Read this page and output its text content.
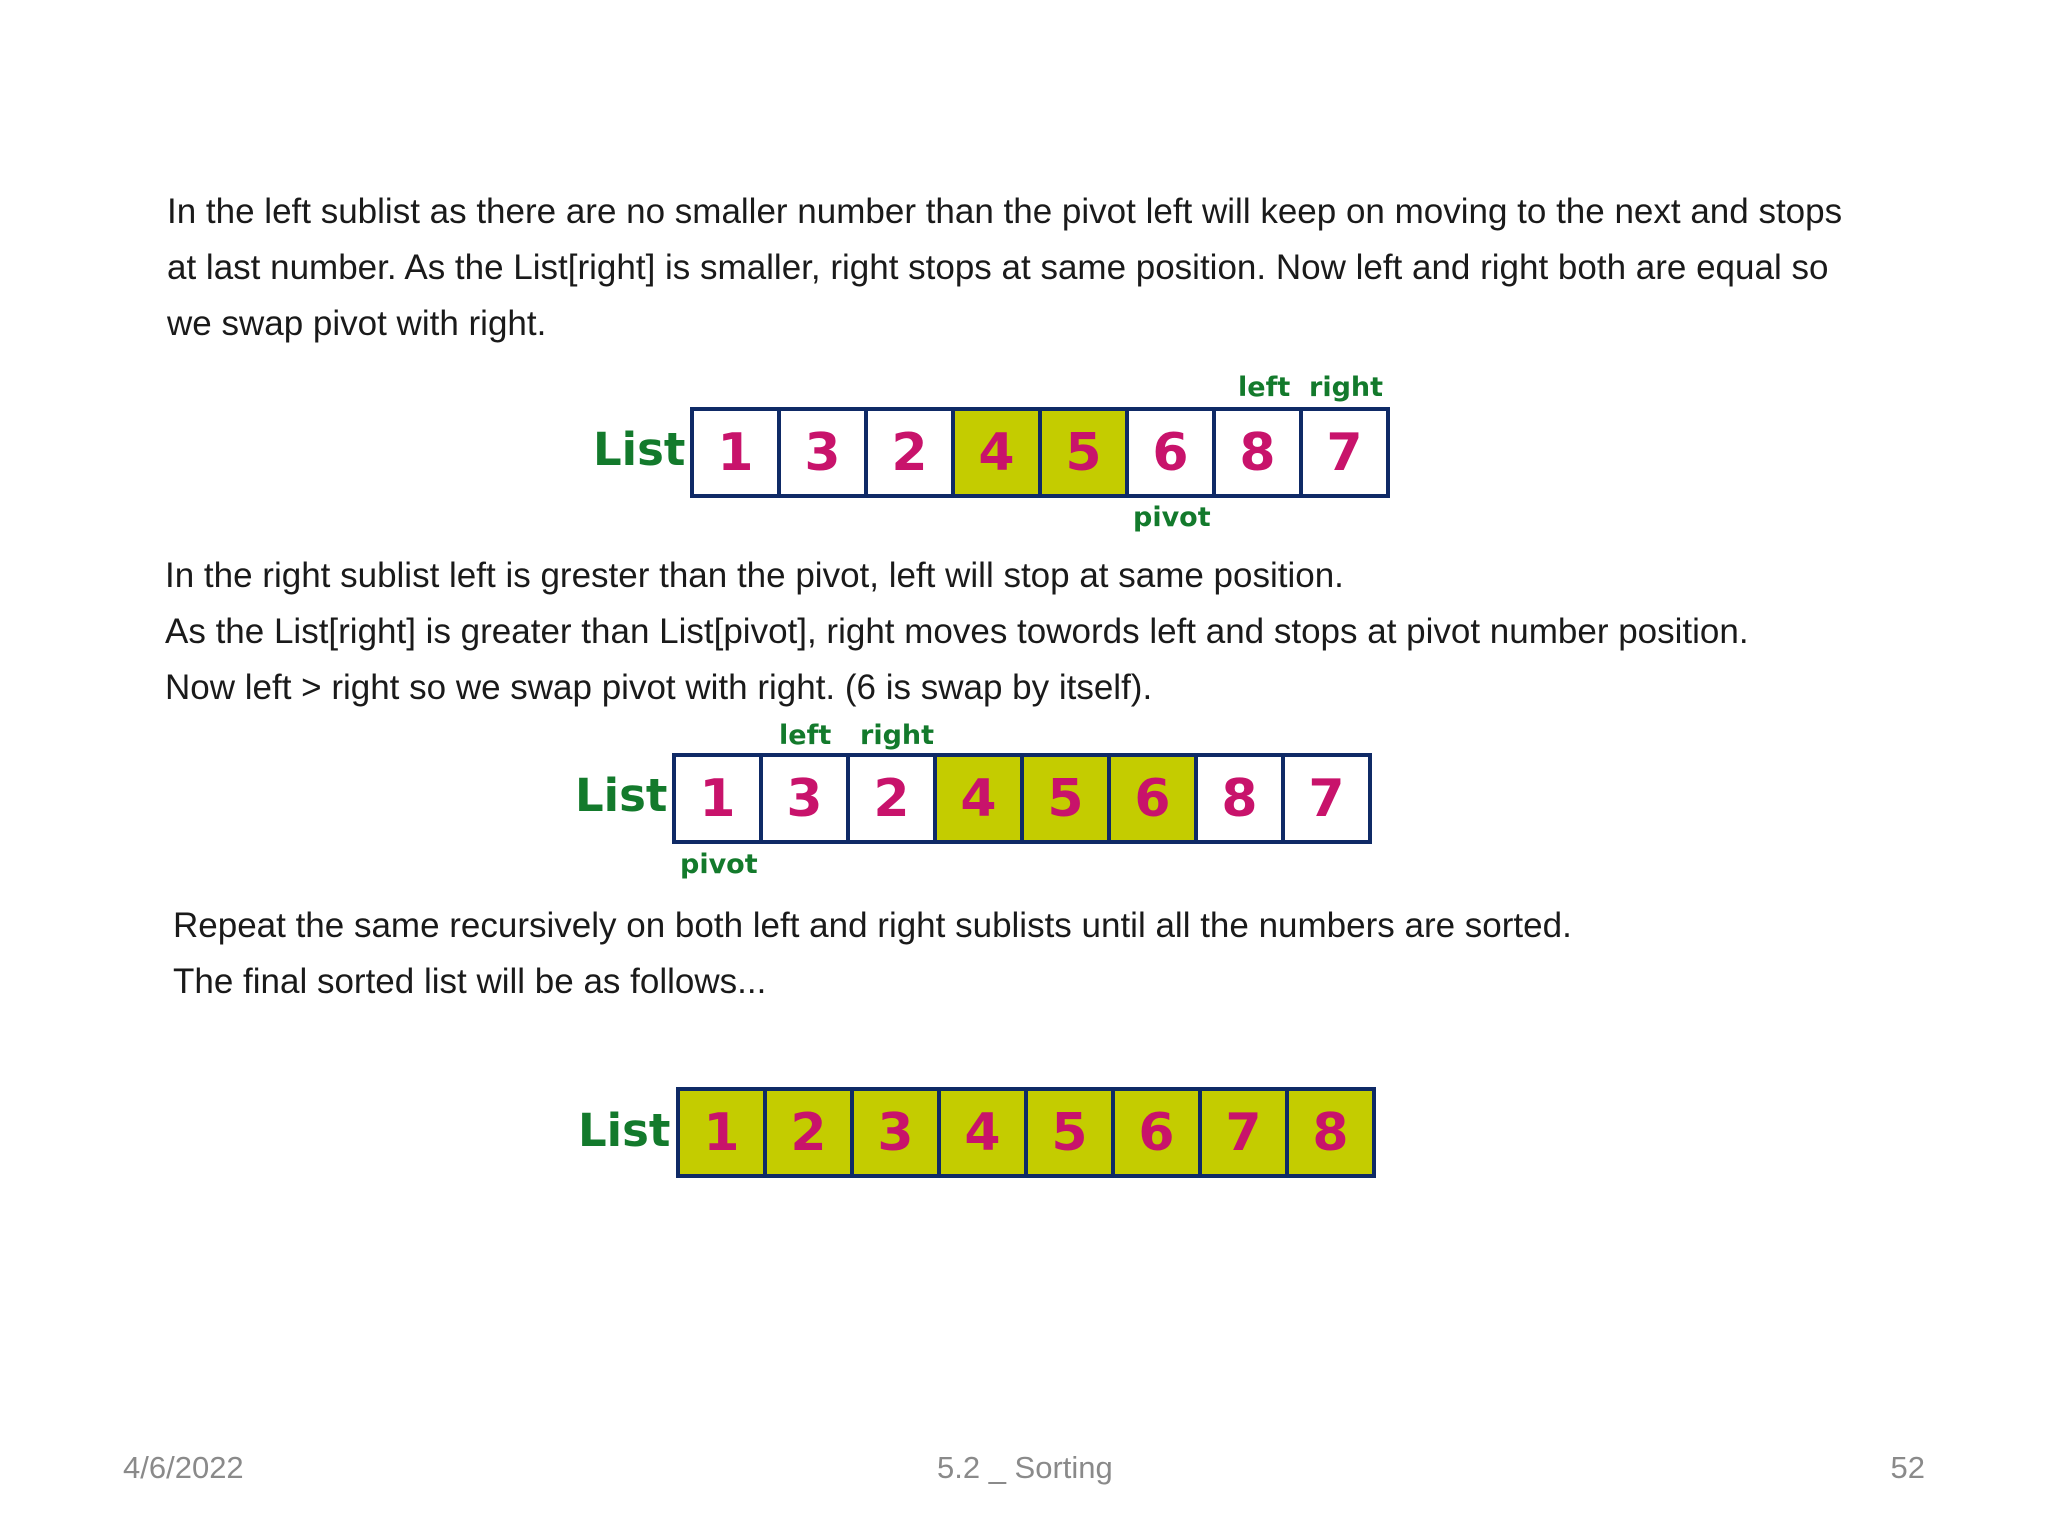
In the left sublist as there are no smaller number than the pivot left will keep on moving to the next and stops
at last number. As the List[right] is smaller, right stops at same position. Now left and right both are equal so
we swap pivot with right.

left right
List 1 3 2 4 5 6 8 7
pivot

In the right sublist left is grester than the pivot, left will stop at same position.
As the List[right] is greater than List[pivot], right moves towords left and stops at pivot number position.
Now left > right so we swap pivot with right. (6 is swap by itself).

left right
List 1 3 2 4 5 6 8 7
pivot

Repeat the same recursively on both left and right sublists until all the numbers are sorted.
The final sorted list will be as follows...

List 1 2 3 4 5 6 7 8
4/6/2022	5.2 _ Sorting	52
